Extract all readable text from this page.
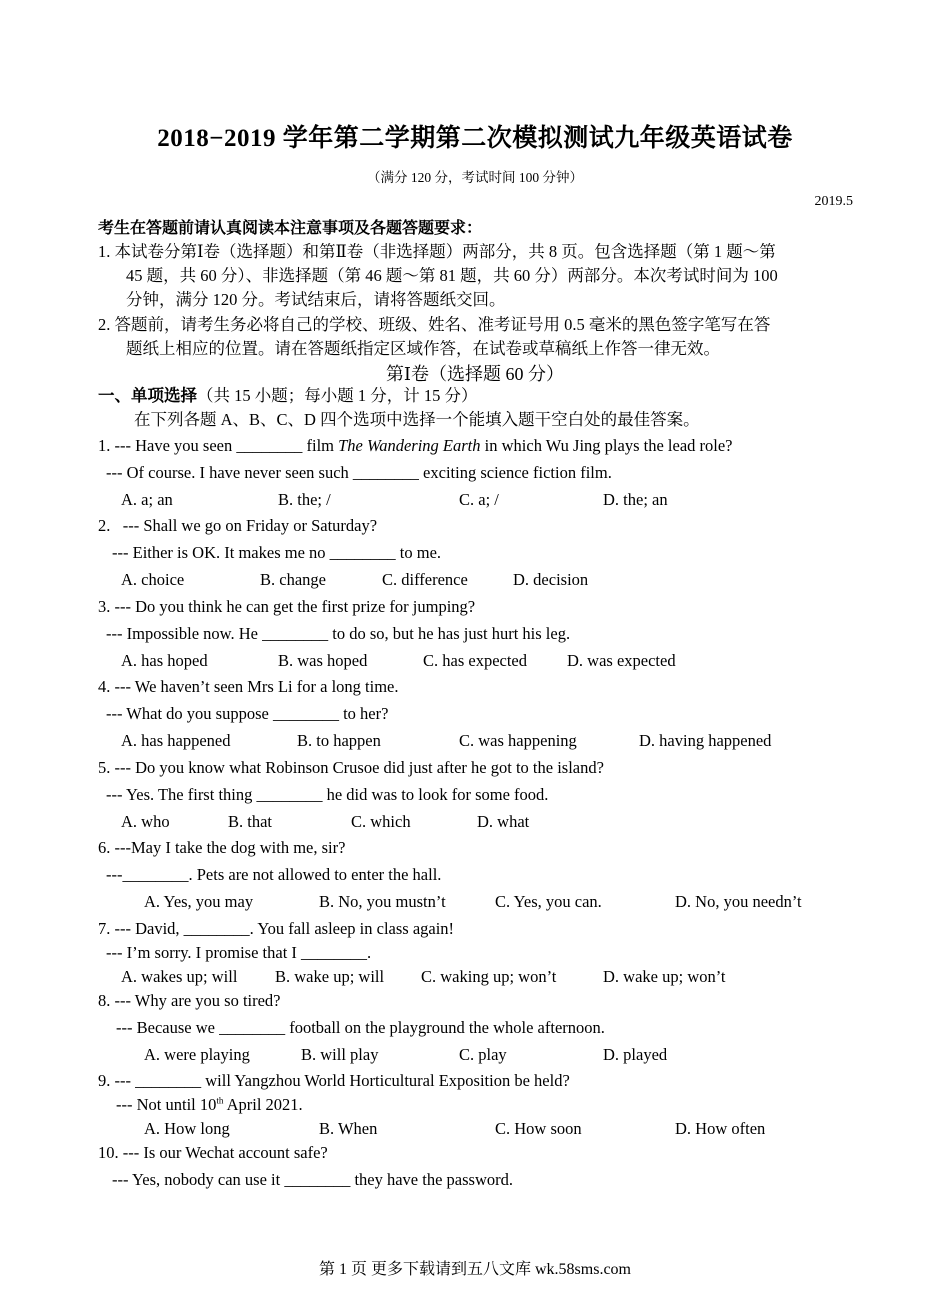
2018−2019 学年第二学期第二次模拟测试九年级英语试卷
（满分 120 分，考试时间 100 分钟）
2019.5
考生在答题前请认真阅读本注意事项及各题答题要求：
1. 本试卷分第Ⅰ卷（选择题）和第Ⅱ卷（非选择题）两部分，共 8 页。包含选择题（第 1 题～第
45 题，共 60 分）、非选择题（第 46 题～第 81 题，共 60 分）两部分。本次考试时间为 100
分钟，满分 120 分。考试结束后，请将答题纸交回。
2. 答题前，请考生务必将自己的学校、班级、姓名、准考证号用 0.5 毫米的黑色签字笔写在答
题纸上相应的位置。请在答题纸指定区域作答，在试卷或草稿纸上作答一律无效。
第Ⅰ卷（选择题 60 分）
一、单项选择（共 15 小题；每小题 1 分，计 15 分）
在下列各题 A、B、C、D 四个选项中选择一个能填入题干空白处的最佳答案。
1. --- Have you seen ________ film The Wandering Earth in which Wu Jing plays the lead role?
--- Of course. I have never seen such ________ exciting science fiction film.
A. a; an	B. the; /	C. a; /	D. the; an
2.   --- Shall we go on Friday or Saturday?
--- Either is OK. It makes me no ________ to me.
A. choice	B. change	C. difference	D. decision
3. --- Do you think he can get the first prize for jumping?
--- Impossible now. He ________ to do so, but he has just hurt his leg.
A. has hoped	B. was hoped	C. has expected D. was expected
4. --- We haven’t seen Mrs Li for a long time.
--- What do you suppose ________ to her?
A. has happened	B. to happen	C. was happening	D. having happened
5. --- Do you know what Robinson Crusoe did just after he got to the island?
--- Yes. The first thing ________ he did was to look for some food.
A. who	B. that	C. which	D. what
6. ---May I take the dog with me, sir?
---________. Pets are not allowed to enter the hall.
A. Yes, you may	B. No, you mustn’t	C. Yes, you can.	D. No, you needn’t
7. --- David, ________. You fall asleep in class again!
--- I’m sorry. I promise that I ________.
A. wakes up; will B. wake up; will C. waking up; won’t	D. wake up; won’t
8. --- Why are you so tired?
--- Because we ________ football on the playground the whole afternoon.
A. were playing	B. will play	C. play	D. played
9. --- ________ will Yangzhou World Horticultural Exposition be held?
--- Not until 10th April 2021.
A. How long	B. When	C. How soon	D. How often
10. --- Is our Wechat account safe?
--- Yes, nobody can use it ________ they have the password.
第 1 页 更多下载请到五八文库 wk.58sms.com
